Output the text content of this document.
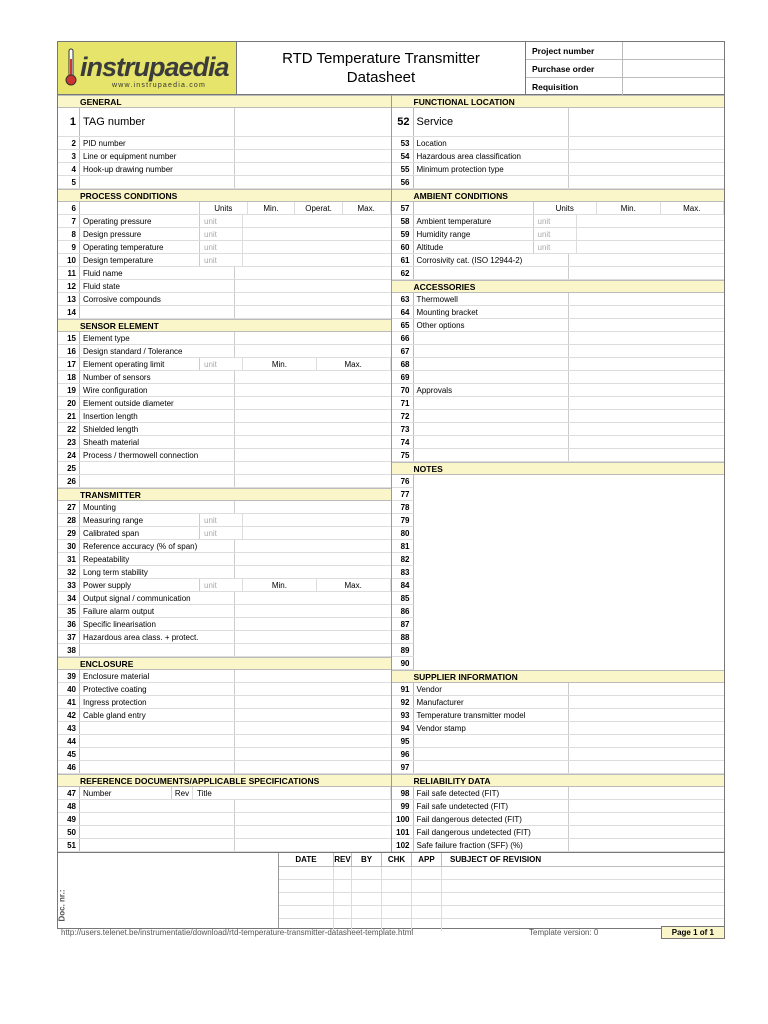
instrupaedia
www.instrupaedia.com
RTD Temperature Transmitter
Datasheet
Project number
Purchase order
Requisition
GENERAL
1 TAG number
2 PID number
3 Line or equipment number
4 Hook-up drawing number
5
PROCESS CONDITIONS
6	Units	Min.	Operat.	Max.
7 Operating pressure	unit
8 Design pressure	unit
9 Operating temperature	unit
10 Design temperature	unit
11 Fluid name
12 Fluid state
13 Corrosive compounds
14
SENSOR ELEMENT
15 Element type
16 Design standard / Tolerance
17 Element operating limit	unit	Min.	Max.
18 Number of sensors
19 Wire configuration
20 Element outside diameter
21 Insertion length
22 Shielded length
23 Sheath material
24 Process / thermowell connection
25
26
TRANSMITTER
27 Mounting
28 Measuring range	unit
29 Calibrated span	unit
30 Reference accuracy (% of span)
31 Repeatability
32 Long term stability
33 Power supply	unit	Min.	Max.
34 Output signal / communication
35 Failure alarm output
36 Specific linearisation
37 Hazardous area class. + protect.
38
ENCLOSURE
39 Enclosure material
40 Protective coating
41 Ingress protection
42 Cable gland entry
43
44
45
46
REFERENCE DOCUMENTS/APPLICABLE SPECIFICATIONS
47 Number	Rev Title
48
49
50
51
FUNCTIONAL LOCATION
52 Service
53 Location
54 Hazardous area classification
55 Minimum protection type
56
AMBIENT CONDITIONS
57	Units	Min.	Max.
58 Ambient temperature	unit
59 Humidity range	unit
60 Altitude	unit
61 Corrosivity cat. (ISO 12944-2)
62
ACCESSORIES
63 Thermowell
64 Mounting bracket
65 Other options
66
67
68
69
70 Approvals
71
72
73
74
75
NOTES
76
77
78
79
80
81
82
83
84
85
86
87
88
89
90
SUPPLIER INFORMATION
91 Vendor
92 Manufacturer
93 Temperature transmitter model
94 Vendor stamp
95
96
97
RELIABILITY DATA
98 Fail safe detected (FIT)
99 Fail safe undetected (FIT)
100 Fail dangerous detected (FIT)
101 Fail dangerous undetected (FIT)
102 Safe failure fraction (SFF) (%)
Doc. nr.:
DATE	REV	BY	CHK	APP	SUBJECT OF REVISION
http://users.telenet.be/instrumentatie/download/rtd-temperature-transmitter-datasheet-template.html	Template version: 0	Page 1 of 1
